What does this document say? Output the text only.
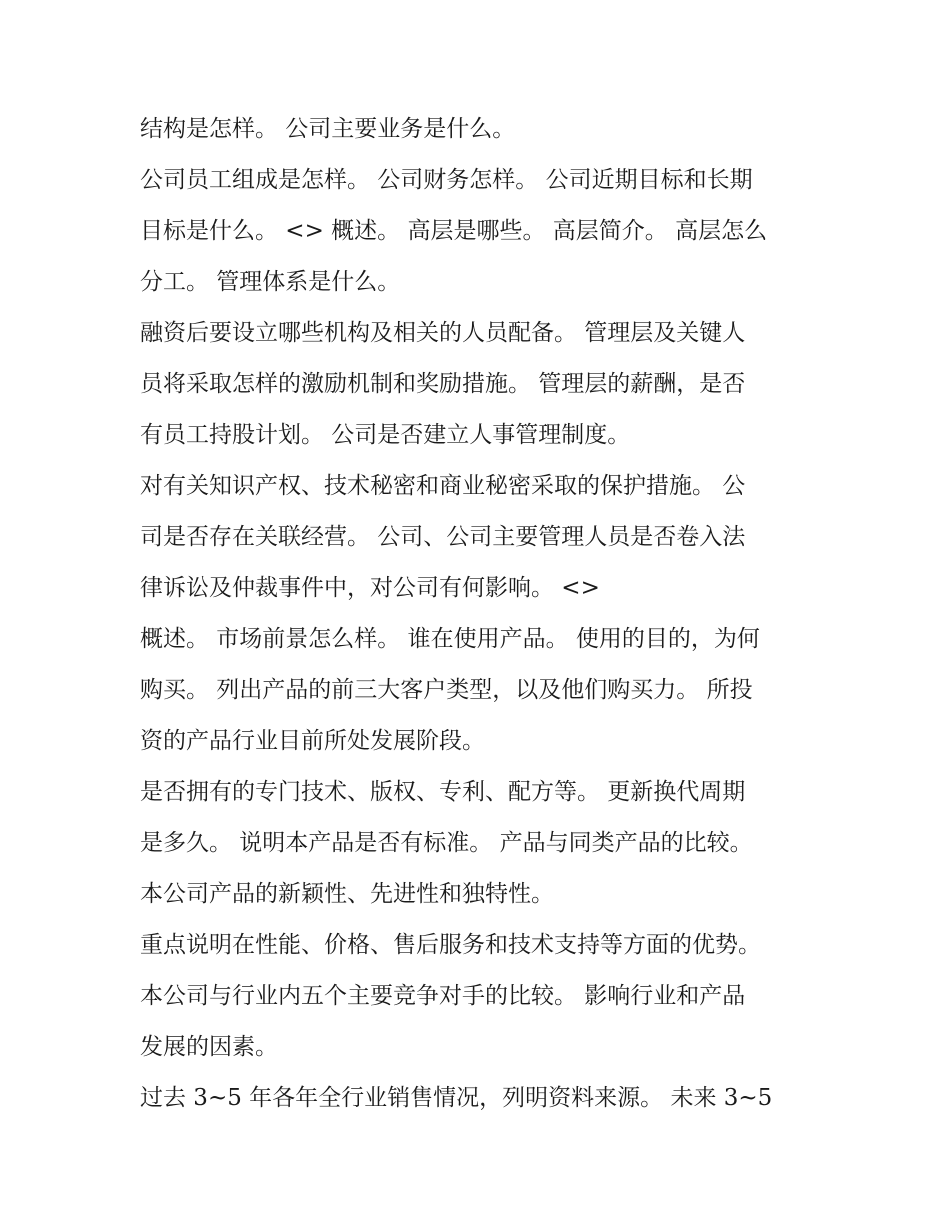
结构是怎样。 公司主要业务是什么。
公司员工组成是怎样。 公司财务怎样。 公司近期目标和长期
目标是什么。 <> 概述。 高层是哪些。 高层简介。 高层怎么
分工。 管理体系是什么。
融资后要设立哪些机构及相关的人员配备。 管理层及关键人
员将采取怎样的激励机制和奖励措施。 管理层的薪酬，是否
有员工持股计划。 公司是否建立人事管理制度。
对有关知识产权、技术秘密和商业秘密采取的保护措施。 公
司是否存在关联经营。 公司、公司主要管理人员是否卷入法
律诉讼及仲裁事件中，对公司有何影响。 <>
概述。 市场前景怎么样。 谁在使用产品。 使用的目的，为何
购买。 列出产品的前三大客户类型，以及他们购买力。 所投
资的产品行业目前所处发展阶段。
是否拥有的专门技术、版权、专利、配方等。 更新换代周期
是多久。 说明本产品是否有标准。 产品与同类产品的比较。
本公司产品的新颖性、先进性和独特性。
重点说明在性能、价格、售后服务和技术支持等方面的优势。
本公司与行业内五个主要竞争对手的比较。 影响行业和产品
发展的因素。
过去 3~5 年各年全行业销售情况，列明资料来源。 未来 3~5
